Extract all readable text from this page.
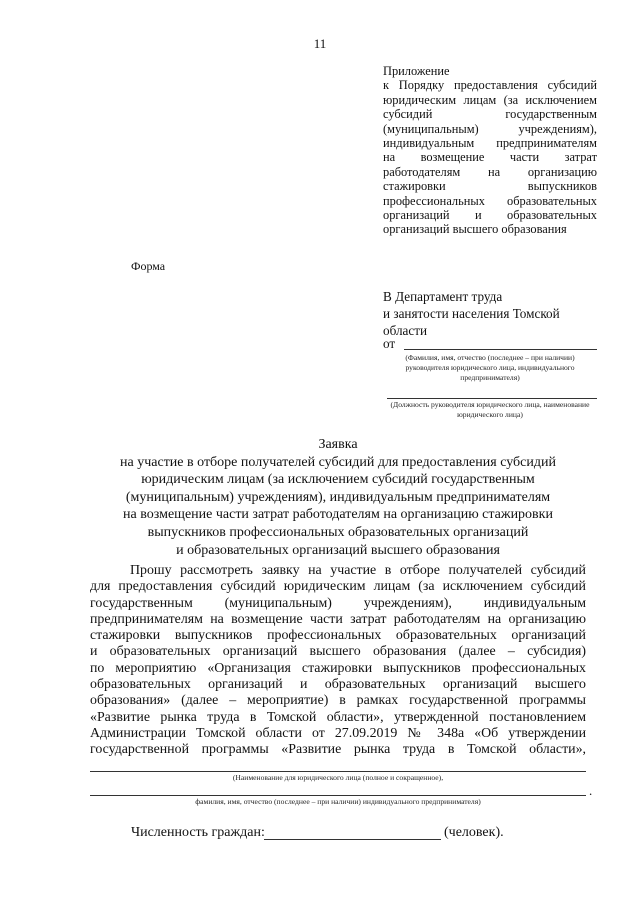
11
Приложение
к Порядку предоставления субсидий
юридическим лицам (за исключением
субсидий государственным
(муниципальным) учреждениям),
индивидуальным предпринимателям
на возмещение части затрат
работодателям на организацию
стажировки выпускников
профессиональных образовательных
организаций и образовательных
организаций высшего образования
Форма
В Департамент труда
и занятости населения Томской
области
от
(Фамилия, имя, отчество (последнее – при наличии) руководителя юридического лица, индивидуального предпринимателя)
(Должность руководителя юридического лица, наименование юридического лица)
Заявка
на участие в отборе получателей субсидий для предоставления субсидий
юридическим лицам (за исключением субсидий государственным
(муниципальным) учреждениям), индивидуальным предпринимателям
на возмещение части затрат работодателям на организацию стажировки
выпускников профессиональных образовательных организаций
и образовательных организаций высшего образования
Прошу рассмотреть заявку на участие в отборе получателей субсидий
для предоставления субсидий юридическим лицам (за исключением субсидий
государственным (муниципальным) учреждениям), индивидуальным
предпринимателям на возмещение части затрат работодателям на организацию
стажировки выпускников профессиональных образовательных организаций
и образовательных организаций высшего образования (далее – субсидия)
по мероприятию «Организация стажировки выпускников профессиональных
образовательных организаций и образовательных организаций высшего
образования» (далее – мероприятие) в рамках государственной программы
«Развитие рынка труда в Томской области», утвержденной постановлением
Администрации Томской области от 27.09.2019 № 348а «Об утверждении
государственной программы «Развитие рынка труда в Томской области»,
(Наименование для юридического лица (полное и сокращенное),
.
фамилия, имя, отчество (последнее – при наличии) индивидуального предпринимателя)
Численность граждан:	(человек).
